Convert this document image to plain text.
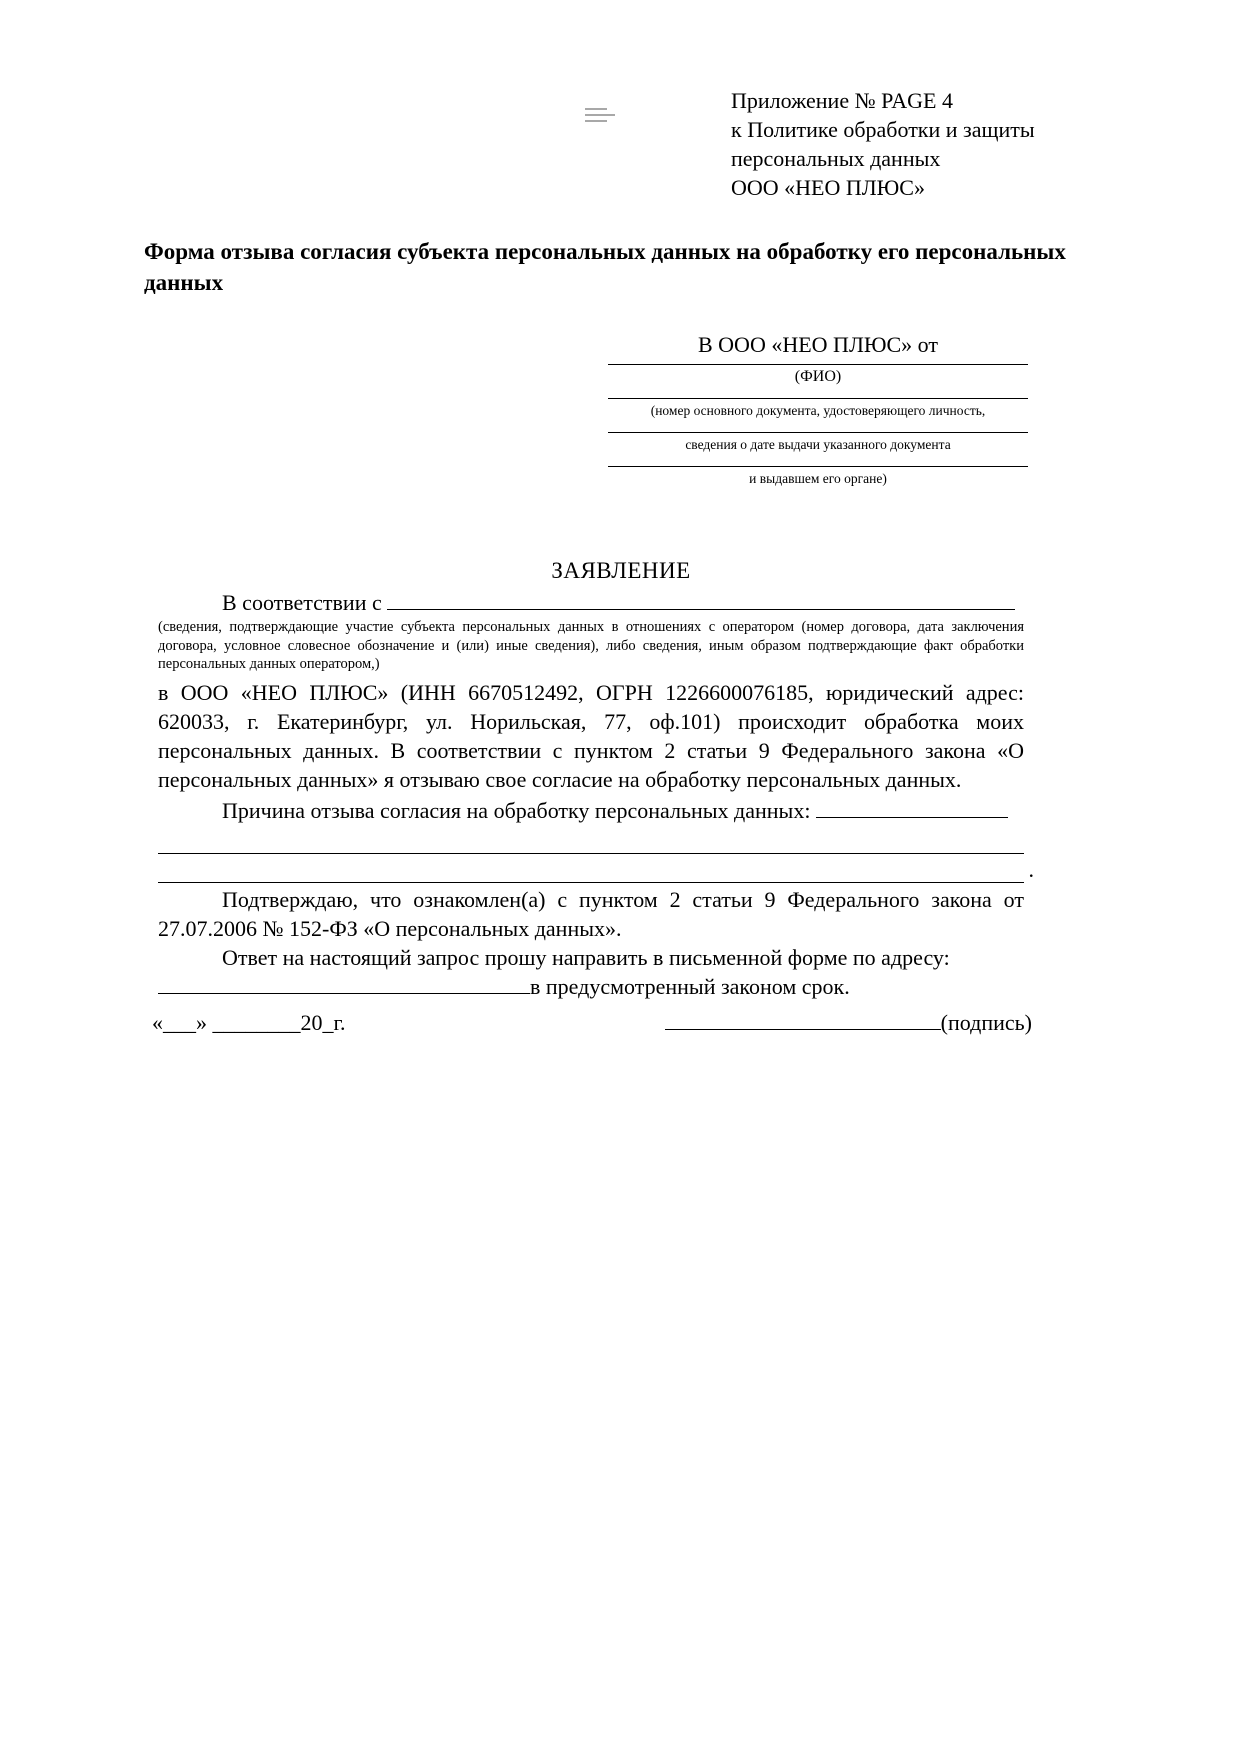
Приложение № PAGE 4
к Политике обработки и защиты
персональных данных
ООО «НЕО ПЛЮС»
Форма отзыва согласия субъекта персональных данных на обработку его персональных данных
В ООО «НЕО ПЛЮС» от
(ФИО)
(номер основного документа, удостоверяющего личность,
сведения о дате выдачи указанного документа
и выдавшем его органе)
ЗАЯВЛЕНИЕ
В соответствии с
(сведения, подтверждающие участие субъекта персональных данных в отношениях с оператором (номер договора, дата заключения договора, условное словесное обозначение и (или) иные сведения), либо сведения, иным образом подтверждающие факт обработки персональных данных оператором,)
в ООО «НЕО ПЛЮС» (ИНН 6670512492, ОГРН 1226600076185, юридический адрес: 620033, г. Екатеринбург, ул. Норильская, 77, оф.101) происходит обработка моих персональных данных. В соответствии с пунктом 2 статьи 9 Федерального закона «О персональных данных» я отзываю свое согласие на обработку персональных данных.
Причина отзыва согласия на обработку персональных данных:
.
Подтверждаю, что ознакомлен(а) с пунктом 2 статьи 9 Федерального закона от 27.07.2006 № 152-ФЗ «О персональных данных».
Ответ на настоящий запрос прошу направить в письменной форме по адресу:
в предусмотренный законом срок.
«___» ________20_г.	(подпись)
